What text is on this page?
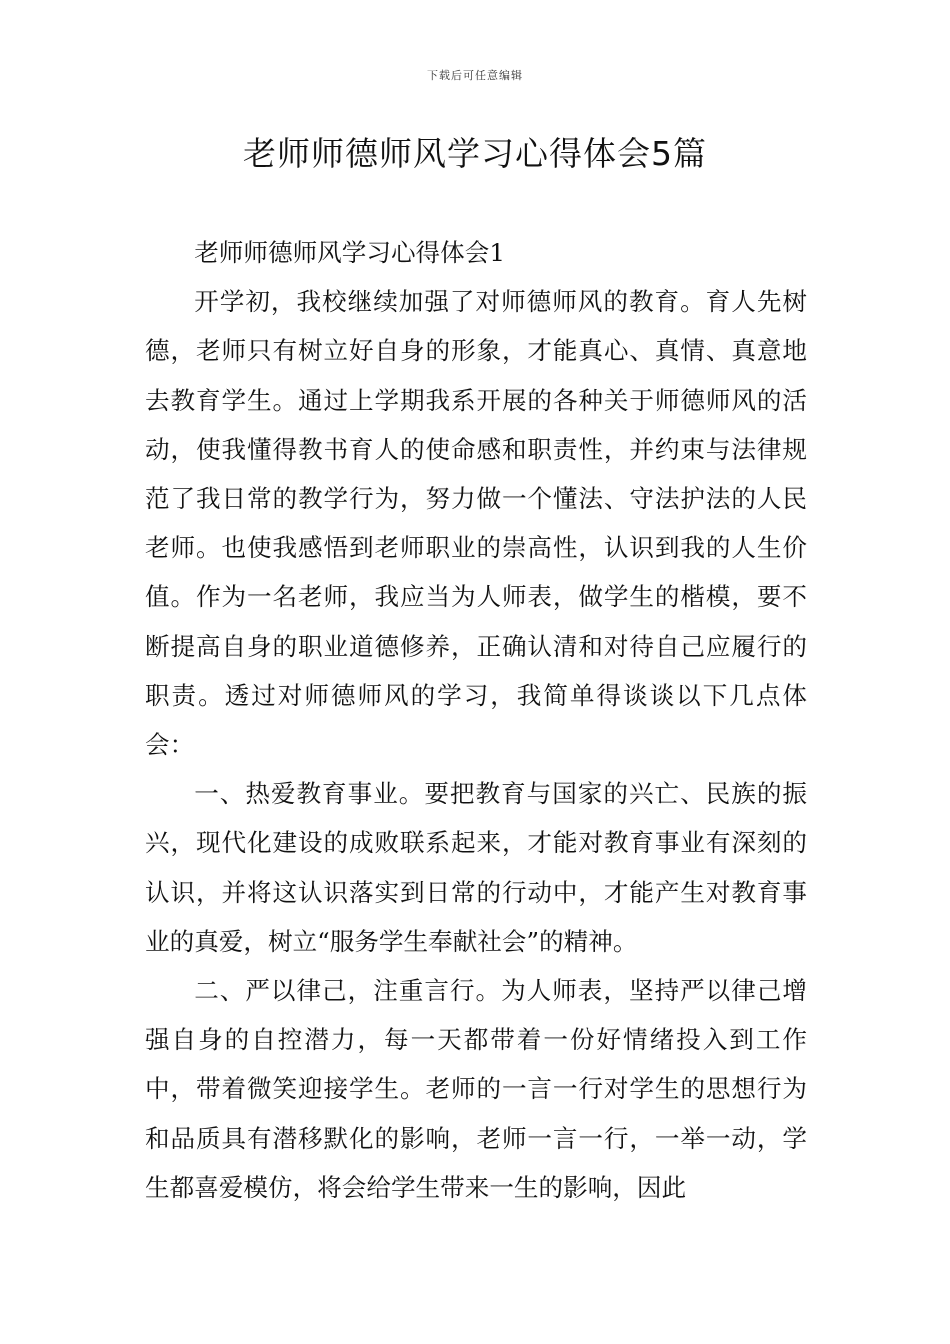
下载后可任意编辑
老师师德师风学习心得体会5篇
老师师德师风学习心得体会1

开学初，我校继续加强了对师德师风的教育。育人先树德，老师只有树立好自身的形象，才能真心、真情、真意地去教育学生。通过上学期我系开展的各种关于师德师风的活动，使我懂得教书育人的使命感和职责性，并约束与法律规范了我日常的教学行为，努力做一个懂法、守法护法的人民老师。也使我感悟到老师职业的崇高性，认识到我的人生价值。作为一名老师，我应当为人师表，做学生的楷模，要不断提高自身的职业道德修养，正确认清和对待自己应履行的职责。透过对师德师风的学习，我简单得谈谈以下几点体会：

一、热爱教育事业。要把教育与国家的兴亡、民族的振兴，现代化建设的成败联系起来，才能对教育事业有深刻的认识，并将这认识落实到日常的行动中，才能产生对教育事业的真爱，树立“服务学生奉献社会”的精神。

二、严以律己，注重言行。为人师表，坚持严以律己增强自身的自控潜力，每一天都带着一份好情绪投入到工作中，带着微笑迎接学生。老师的一言一行对学生的思想行为和品质具有潜移默化的影响，老师一言一行，一举一动，学生都喜爱模仿，将会给学生带来一生的影响，因此
